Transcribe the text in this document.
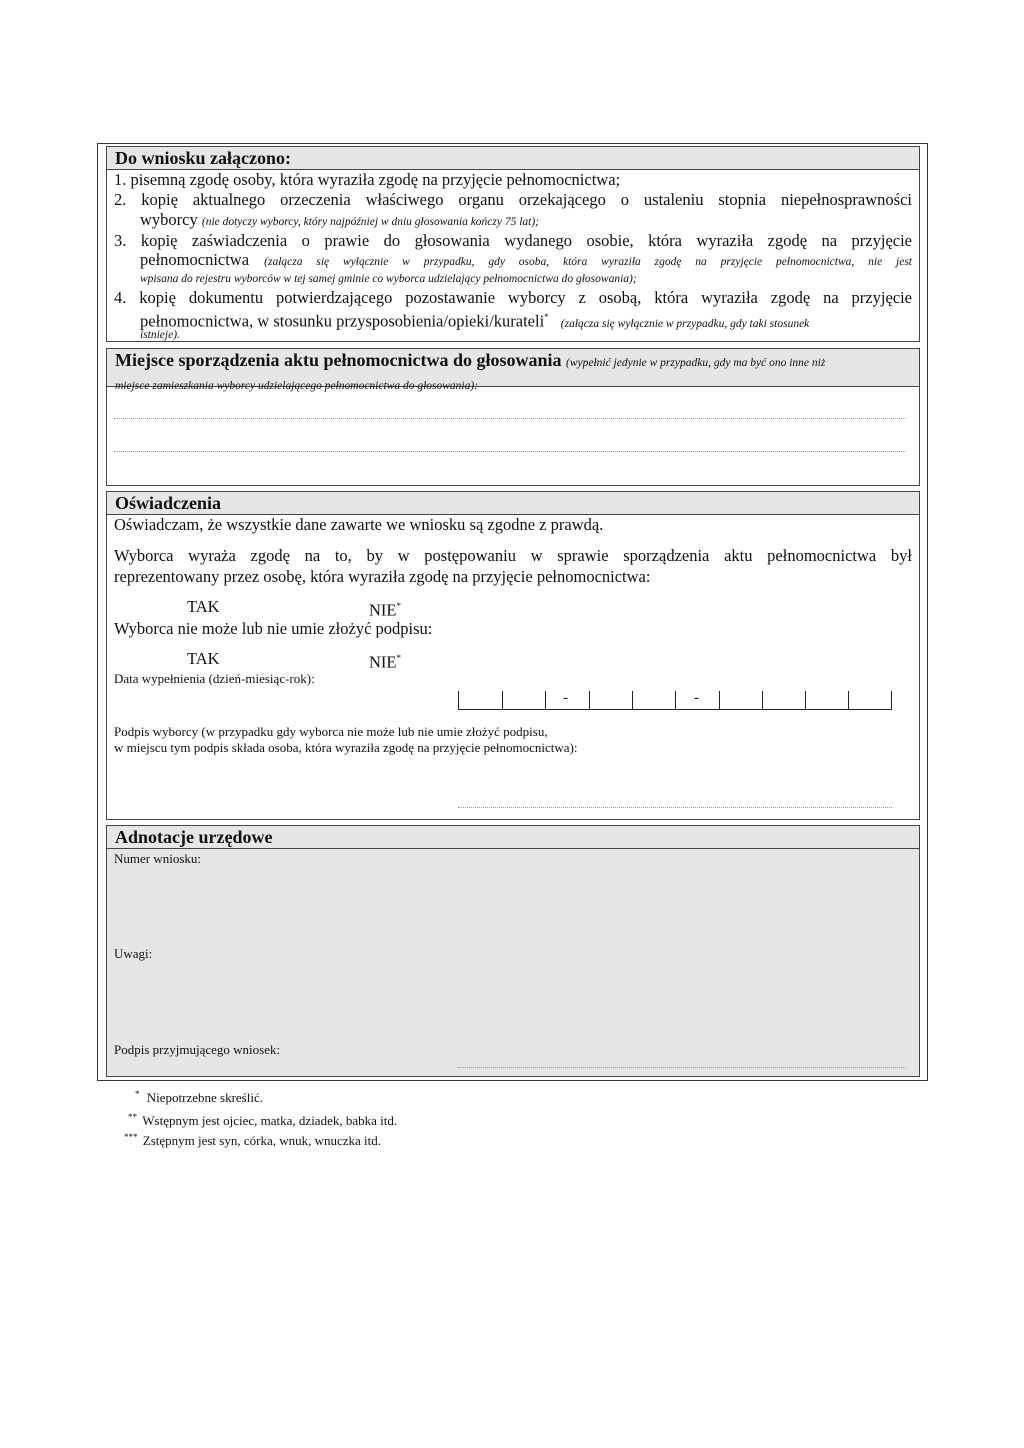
Do wniosku załączono:
1. pisemną zgodę osoby, która wyraziła zgodę na przyjęcie pełnomocnictwa;
2. kopię aktualnego orzeczenia właściwego organu orzekającego o ustaleniu stopnia niepełnosprawności
wyborcy (nie dotyczy wyborcy, który najpóźniej w dniu głosowania kończy 75 lat);
3. kopię zaświadczenia o prawie do głosowania wydanego osobie, która wyraziła zgodę na przyjęcie
pełnomocnictwa (załącza się wyłącznie w przypadku, gdy osoba, która wyraziła zgodę na przyjęcie pełnomocnictwa, nie jest
wpisana do rejestru wyborców w tej samej gminie co wyborca udzielający pełnomocnictwa do głosowania);
4. kopię dokumentu potwierdzającego pozostawanie wyborcy z osobą, która wyraziła zgodę na przyjęcie
pełnomocnictwa, w stosunku przysposobienia/opieki/kurateli* (załącza się wyłącznie w przypadku, gdy taki stosunek
istnieje).
Miejsce sporządzenia aktu pełnomocnictwa do głosowania (wypełnić jedynie w przypadku, gdy ma być ono inne niż
miejsce zamieszkania wyborcy udzielającego pełnomocnictwa do głosowania):
Oświadczenia
Oświadczam, że wszystkie dane zawarte we wniosku są zgodne z prawdą.
Wyborca wyraża zgodę na to, by w postępowaniu w sprawie sporządzenia aktu pełnomocnictwa był
reprezentowany przez osobę, która wyraziła zgodę na przyjęcie pełnomocnictwa:
TAK	NIE*
Wyborca nie może lub nie umie złożyć podpisu:
TAK	NIE*
Data wypełnienia (dzień-miesiąc-rok):
-	-
Podpis wyborcy (w przypadku gdy wyborca nie może lub nie umie złożyć podpisu,
w miejscu tym podpis składa osoba, która wyraziła zgodę na przyjęcie pełnomocnictwa):
Adnotacje urzędowe
Numer wniosku:
Uwagi:
Podpis przyjmującego wniosek:
* Niepotrzebne skreślić.
** Wstępnym jest ojciec, matka, dziadek, babka itd.
*** Zstępnym jest syn, córka, wnuk, wnuczka itd.
